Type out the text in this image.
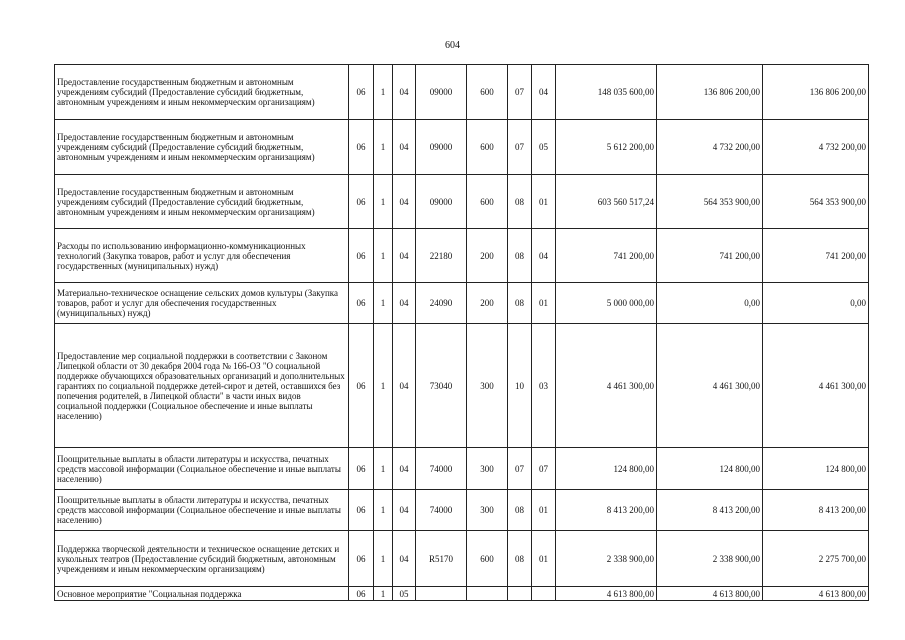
604
Предоставление государственным бюджетным и автономным учреждениям субсидий (Предоставление субсидий бюджетным, автономным учреждениям и иным некоммерческим организациям)	06	1	04	09000	600	07	04	148 035 600,00	136 806 200,00	136 806 200,00
Предоставление государственным бюджетным и автономным учреждениям субсидий (Предоставление субсидий бюджетным, автономным учреждениям и иным некоммерческим организациям)	06	1	04	09000	600	07	05	5 612 200,00	4 732 200,00	4 732 200,00
Предоставление государственным бюджетным и автономным учреждениям субсидий (Предоставление субсидий бюджетным, автономным учреждениям и иным некоммерческим организациям)	06	1	04	09000	600	08	01	603 560 517,24	564 353 900,00	564 353 900,00
Расходы по использованию информационно-коммуникационных технологий (Закупка товаров, работ и услуг для обеспечения государственных (муниципальных) нужд)	06	1	04	22180	200	08	04	741 200,00	741 200,00	741 200,00
Материально-техническое оснащение сельских домов культуры (Закупка товаров, работ и услуг для обеспечения государственных (муниципальных) нужд)	06	1	04	24090	200	08	01	5 000 000,00	0,00	0,00
Предоставление мер социальной поддержки в соответствии с Законом Липецкой области от 30 декабря 2004 года № 166-ОЗ "О социальной поддержке обучающихся образовательных организаций и дополнительных гарантиях по социальной поддержке детей-сирот и детей, оставшихся без попечения родителей, в Липецкой области" в части иных видов социальной поддержки (Социальное обеспечение и иные выплаты населению)	06	1	04	73040	300	10	03	4 461 300,00	4 461 300,00	4 461 300,00
Поощрительные выплаты в области литературы и искусства, печатных средств массовой информации (Социальное обеспечение и иные выплаты населению)	06	1	04	74000	300	07	07	124 800,00	124 800,00	124 800,00
Поощрительные выплаты в области литературы и искусства, печатных средств массовой информации (Социальное обеспечение и иные выплаты населению)	06	1	04	74000	300	08	01	8 413 200,00	8 413 200,00	8 413 200,00
Поддержка творческой деятельности и техническое оснащение детских и кукольных театров (Предоставление субсидий бюджетным, автономным учреждениям и иным некоммерческим организациям)	06	1	04	R5170	600	08	01	2 338 900,00	2 338 900,00	2 275 700,00
Основное мероприятие "Социальная поддержка	06	1	05					4 613 800,00	4 613 800,00	4 613 800,00
